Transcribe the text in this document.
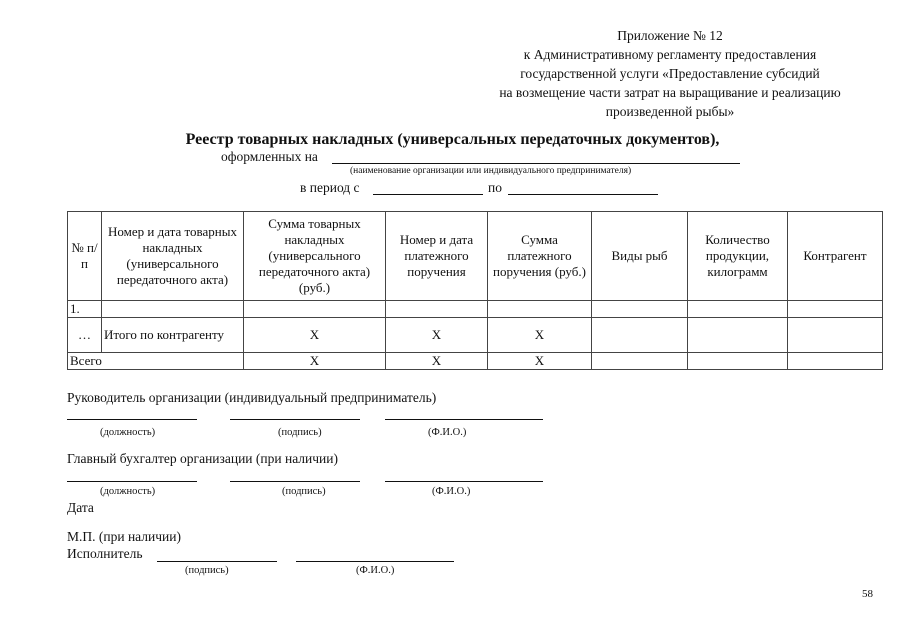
Приложение № 12
к Административному регламенту предоставления
государственной услуги «Предоставление субсидий
на возмещение части затрат на выращивание и реализацию
произведенной рыбы»
Реестр товарных накладных (универсальных передаточных документов),
оформленных на
(наименование организации или индивидуального предпринимателя)
в период с	по
№ п/п	Номер и дата товарных накладных (универсального передаточного акта)	Сумма товарных накладных (универсального передаточного акта) (руб.)	Номер и дата платежного поручения	Сумма платежного поручения (руб.)	Виды рыб	Количество продукции, килограмм	Контрагент
1.							
…	Итого по контрагенту	X	X	X			
Всего		X	X	X			
Руководитель организации (индивидуальный предприниматель)
(должность)	(подпись)	(Ф.И.О.)
Главный бухгалтер организации (при наличии)
(должность)	(подпись)	(Ф.И.О.)
Дата
М.П. (при наличии)
Исполнитель
(подпись)	(Ф.И.О.)
58
